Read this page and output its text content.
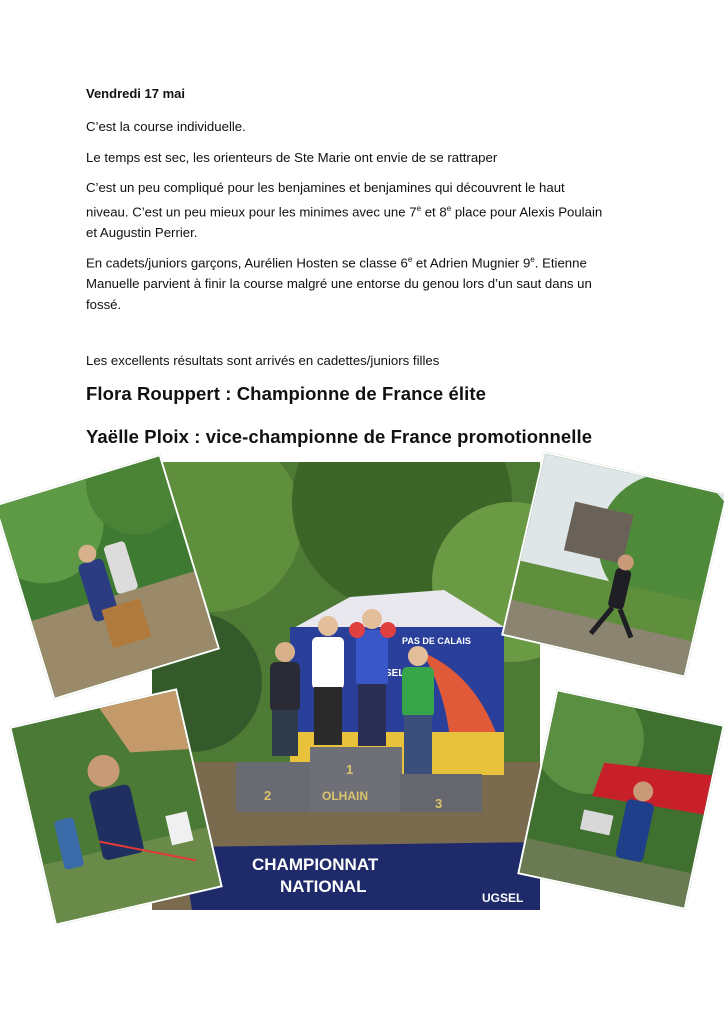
Vendredi 17 mai

C’est la course individuelle.

Le temps est sec, les orienteurs de Ste Marie ont envie de se rattraper

C’est un peu compliqué pour les benjamines et benjamines qui découvrent le haut
niveau. C’est un peu mieux pour les minimes avec une 7e et 8e place pour Alexis Poulain
et Augustin Perrier.
En cadets/juniors garçons, Aurélien Hosten se classe 6e et Adrien Mugnier 9e. Etienne
Manuelle parvient à finir la course malgré une entorse du genou lors d’un saut dans un
fossé.

Les excellents résultats sont arrivés en cadettes/juniors filles

Flora Rouppert : Championne de France élite
Yaëlle Ploix : vice-championne de France promotionnelle
PAS DE CALAIS
2
1
3
OLHAIN
CHAMPIONNAT
NATIONAL
UGSEL
